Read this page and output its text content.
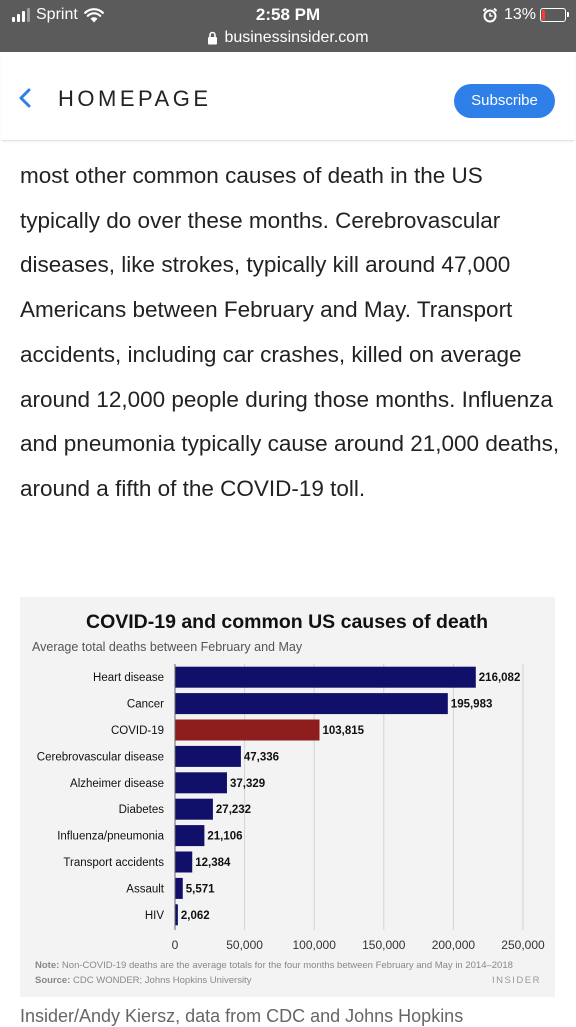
Sprint	2:58 PM	13%
businessinsider.com
HOMEPAGE	Subscribe

most other common causes of death in the US typically do over these months. Cerebrovascular diseases, like strokes, typically kill around 47,000 Americans between February and May. Transport accidents, including car crashes, killed on average around 12,000 people during those months. Influenza and pneumonia typically cause around 21,000 deaths, around a fifth of the COVID-19 toll.

COVID-19 and common US causes of death
Average total deaths between February and May
0	50,000 100,000 150,000 200,000 250,000
Heart disease	216,082
Cancer	195,983
COVID-19	103,815
Cerebrovascular disease	47,336
Alzheimer disease	37,329
Diabetes	27,232
Influenza/pneumonia	21,106
Transport accidents	12,384
Assault 5,571
HIV 2,062
Note: Non-COVID-19 deaths are the average totals for the four months between February and May in 2014–2018
Source: CDC WONDER; Johns Hopkins University	INSIDER
Insider/Andy Kiersz, data from CDC and Johns Hopkins
